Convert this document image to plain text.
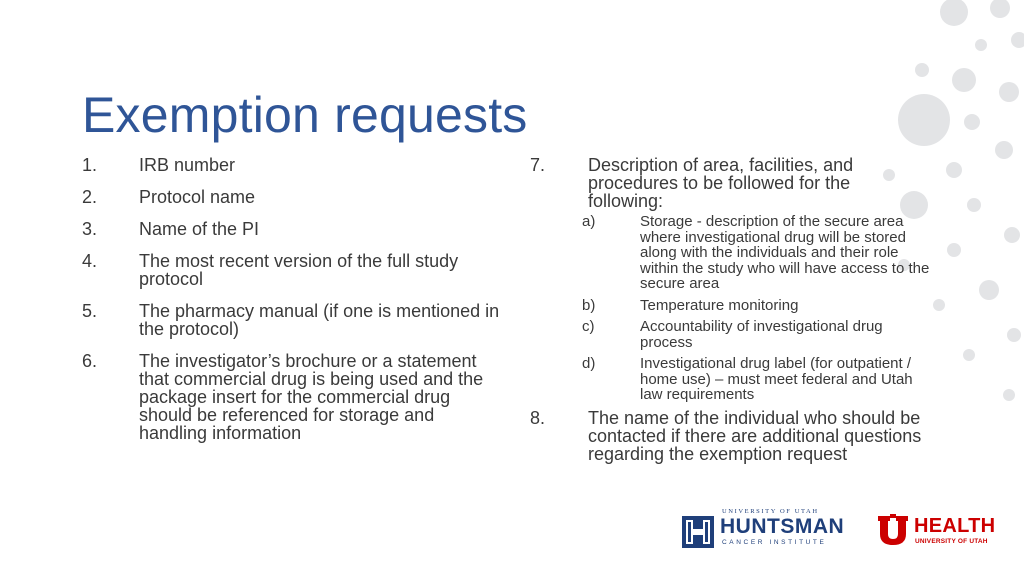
Exemption requests
1. IRB number
2. Protocol name
3. Name of the PI
4. The most recent version of the full study protocol
5. The pharmacy manual (if one is mentioned in the protocol)
6. The investigator’s brochure or a statement that commercial drug is being used and the package insert for the commercial drug should be referenced for storage and handling information
7. Description of area, facilities, and procedures to be followed for the following:
a)	Storage - description of the secure area where investigational drug will be stored along with the individuals and their role within the study who will have access to the secure area
b)	Temperature monitoring
c)	Accountability of investigational drug process
d)	Investigational drug label (for outpatient / home use) – must meet federal and Utah law requirements
8. The name of the individual who should be contacted if there are additional questions regarding the exemption request
UNIVERSITY OF UTAH
HUNTSMAN
CANCER INSTITUTE
HEALTH
UNIVERSITY OF UTAH
